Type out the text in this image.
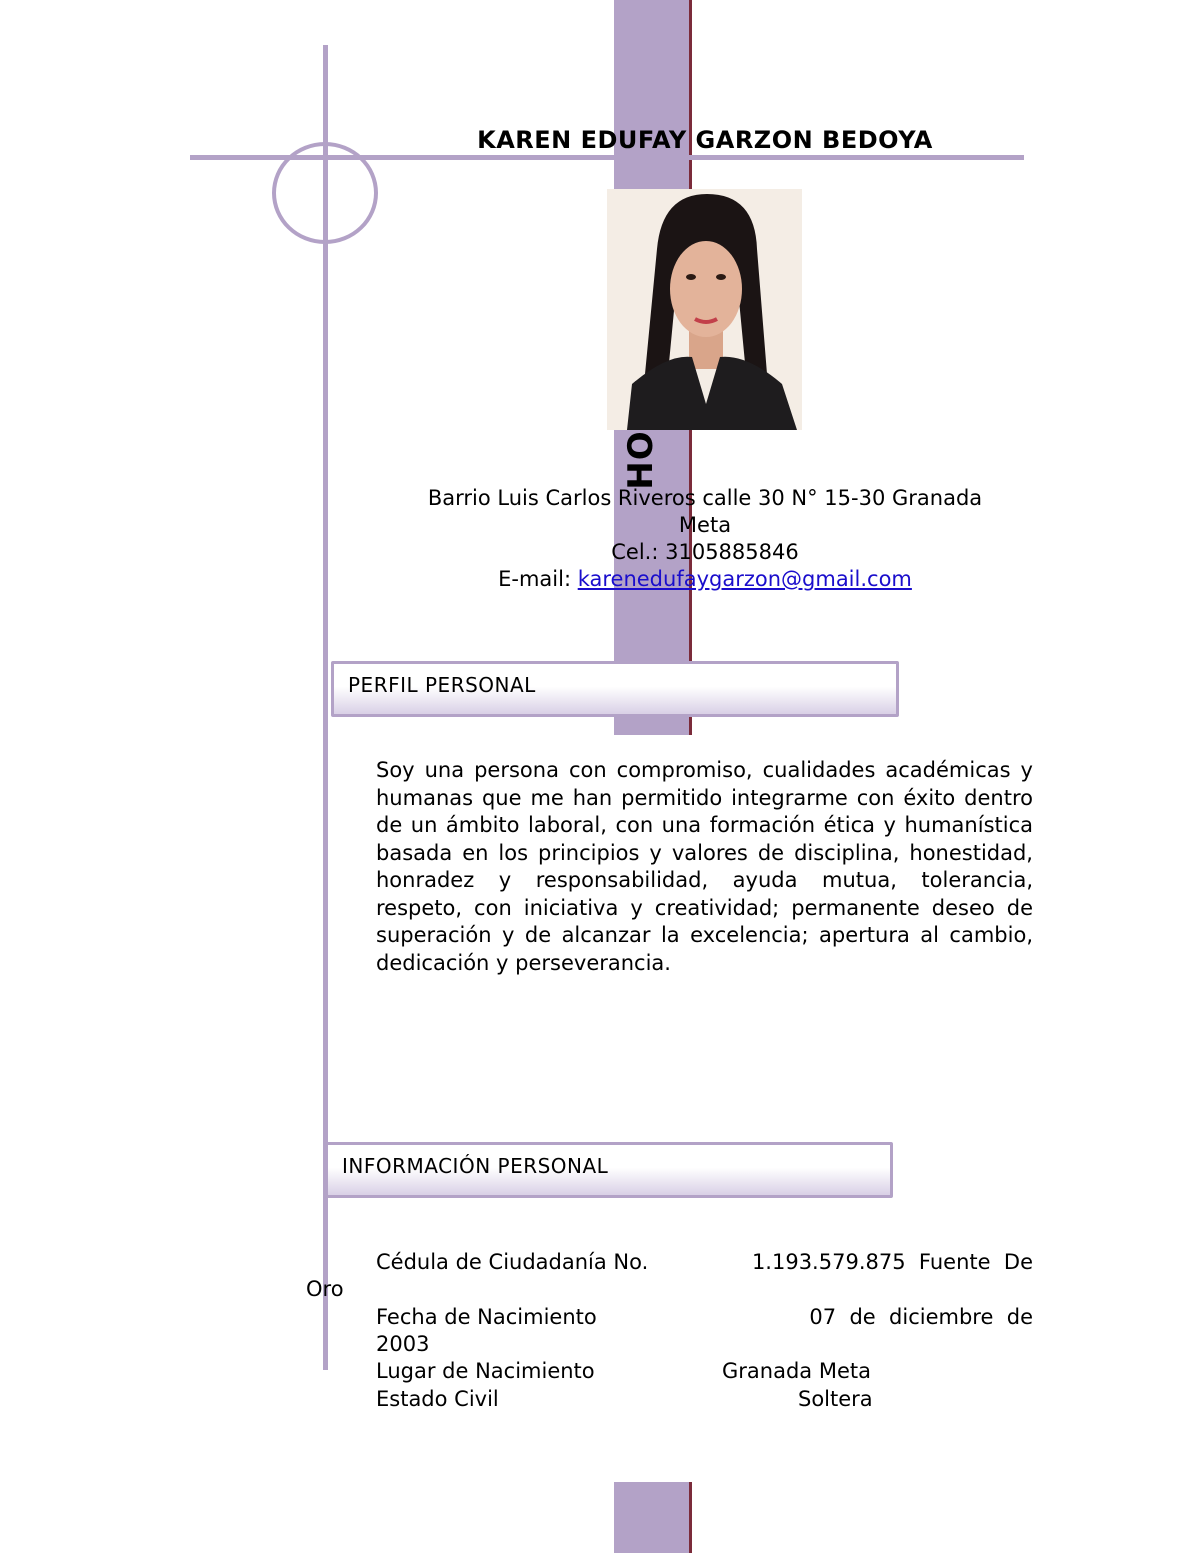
HO
KAREN EDUFAY GARZON BEDOYA
Barrio Luis Carlos Riveros calle 30 N° 15-30 Granada
Meta
Cel.: 3105885846
E-mail: karenedufaygarzon@gmail.com
PERFIL PERSONAL
Soy una persona con compromiso, cualidades académicas y humanas que me han permitido integrarme con éxito dentro de un ámbito laboral, con una formación ética y humanística basada en los principios y valores de disciplina, honestidad, honradez y responsabilidad, ayuda mutua, tolerancia, respeto, con iniciativa y creatividad; permanente deseo de superación y de alcanzar la excelencia; apertura al cambio, dedicación y perseverancia.
INFORMACIÓN PERSONAL
Cédula de Ciudadanía No.	1.193.579.875  Fuente  De
Oro
Fecha de Nacimiento	07  de  diciembre  de
2003
Lugar de Nacimiento	Granada Meta
Estado Civil	Soltera
